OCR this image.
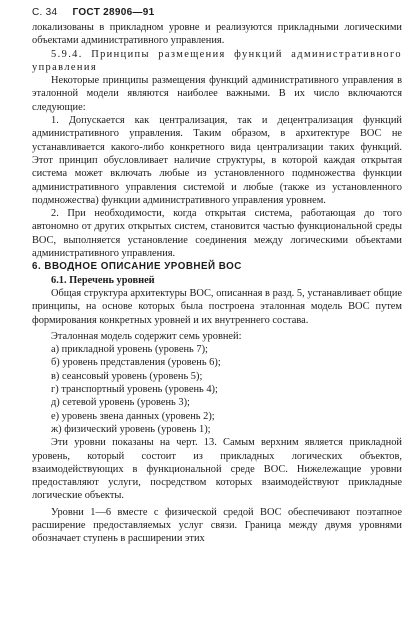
С. 34 ГОСТ 28906—91

локализованы в прикладном уровне и реализуются прикладными логическими объектами административного управления.

5.9.4. Принципы размещения функций административного управления

Некоторые принципы размещения функций административного управления в эталонной модели являются наиболее важными. В их число включаются следующие:

1. Допускается как централизация, так и децентрализация функций административного управления. Таким образом, в архитектуре ВОС не устанавливается какого-либо конкретного вида централизации таких функций. Этот принцип обусловливает наличие структуры, в которой каждая открытая система может включать любые из установленного подмножества функции административного управления системой и любые (также из установленного подмножества) функции административного управления уровнем.

2. При необходимости, когда открытая система, работающая до того автономно от других открытых систем, становится частью функциональной среды ВОС, выполняется установление соединения между логическими объектами административного управления.

6. ВВОДНОЕ ОПИСАНИЕ УРОВНЕЙ ВОС

6.1. Перечень уровней

Общая структура архитектуры ВОС, описанная в разд. 5, устанавливает общие принципы, на основе которых была построена эталонная модель ВОС путем формирования конкретных уровней и их внутреннего состава.

Эталонная модель содержит семь уровней:

а) прикладной уровень (уровень 7);
б) уровень представления (уровень 6);
в) сеансовый уровень (уровень 5);
г) транспортный уровень (уровень 4);
д) сетевой уровень (уровень 3);
е) уровень звена данных (уровень 2);
ж) физический уровень (уровень 1);

Эти уровни показаны на черт. 13. Самым верхним является прикладной уровень, который состоит из прикладных логических объектов, взаимодействующих в функциональной среде ВОС. Нижележащие уровни предоставляют услуги, посредством которых взаимодействуют прикладные логические объекты.

Уровни 1—6 вместе с физической средой ВОС обеспечивают поэтапное расширение предоставляемых услуг связи. Граница между двумя уровнями обозначает ступень в расширении этих
